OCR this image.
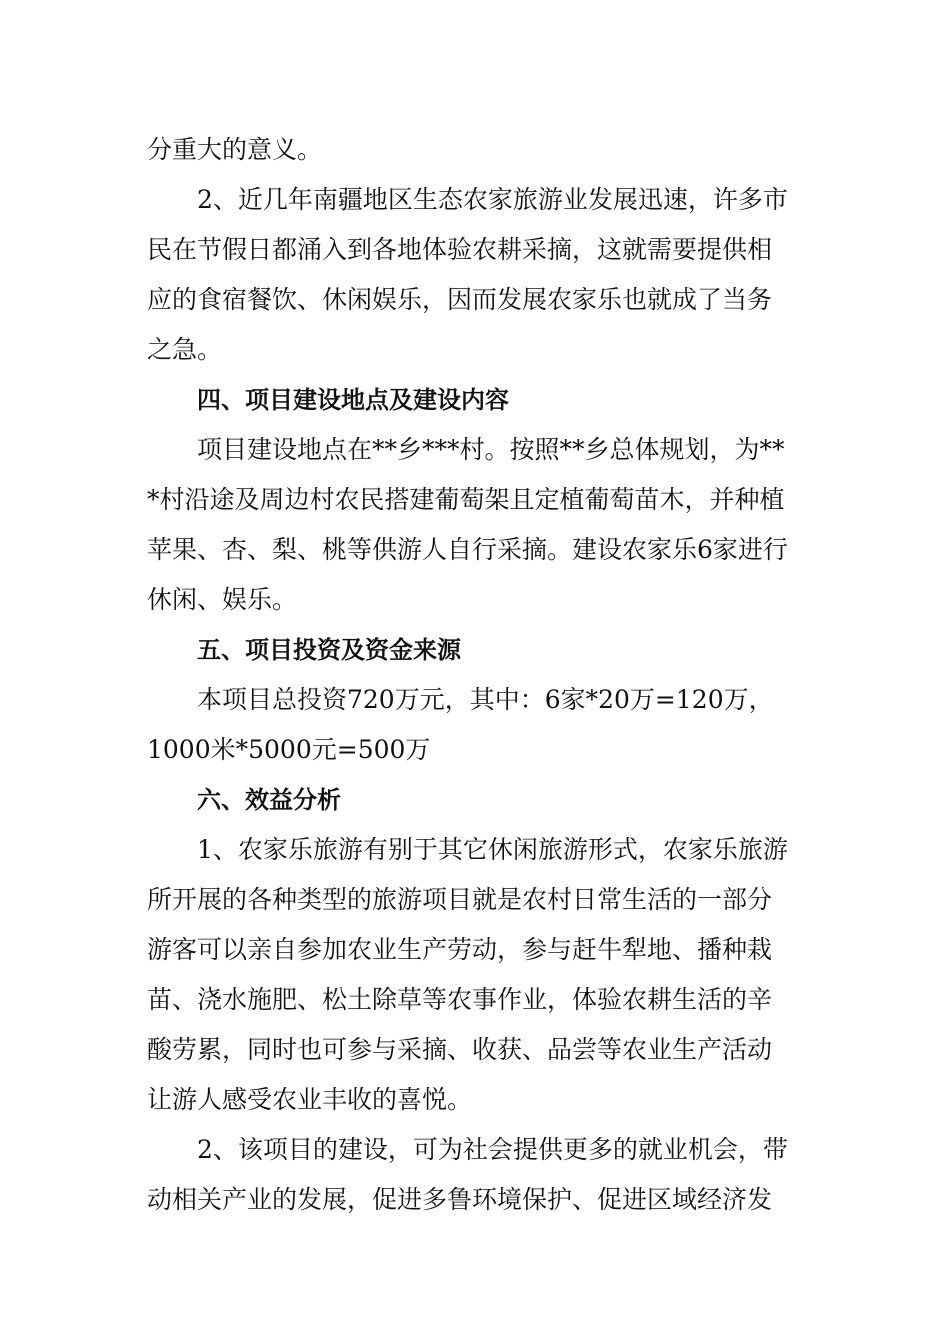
分重大的意义。
2、近几年南疆地区生态农家旅游业发展迅速，许多市
民在节假日都涌入到各地体验农耕采摘，这就需要提供相
应的食宿餐饮、休闲娱乐，因而发展农家乐也就成了当务
之急。
四、项目建设地点及建设内容
项目建设地点在**乡***村。按照**乡总体规划，为**
*村沿途及周边村农民搭建葡萄架且定植葡萄苗木，并种植
苹果、杏、梨、桃等供游人自行采摘。建设农家乐6家进行
休闲、娱乐。
五、项目投资及资金来源
本项目总投资720万元，其中：6家*20万=120万，
1000米*5000元=500万
六、效益分析
1、农家乐旅游有别于其它休闲旅游形式，农家乐旅游
所开展的各种类型的旅游项目就是农村日常生活的一部分
游客可以亲自参加农业生产劳动，参与赶牛犁地、播种栽
苗、浇水施肥、松土除草等农事作业，体验农耕生活的辛
酸劳累，同时也可参与采摘、收获、品尝等农业生产活动
让游人感受农业丰收的喜悦。
2、该项目的建设，可为社会提供更多的就业机会，带
动相关产业的发展，促进多鲁环境保护、促进区域经济发
